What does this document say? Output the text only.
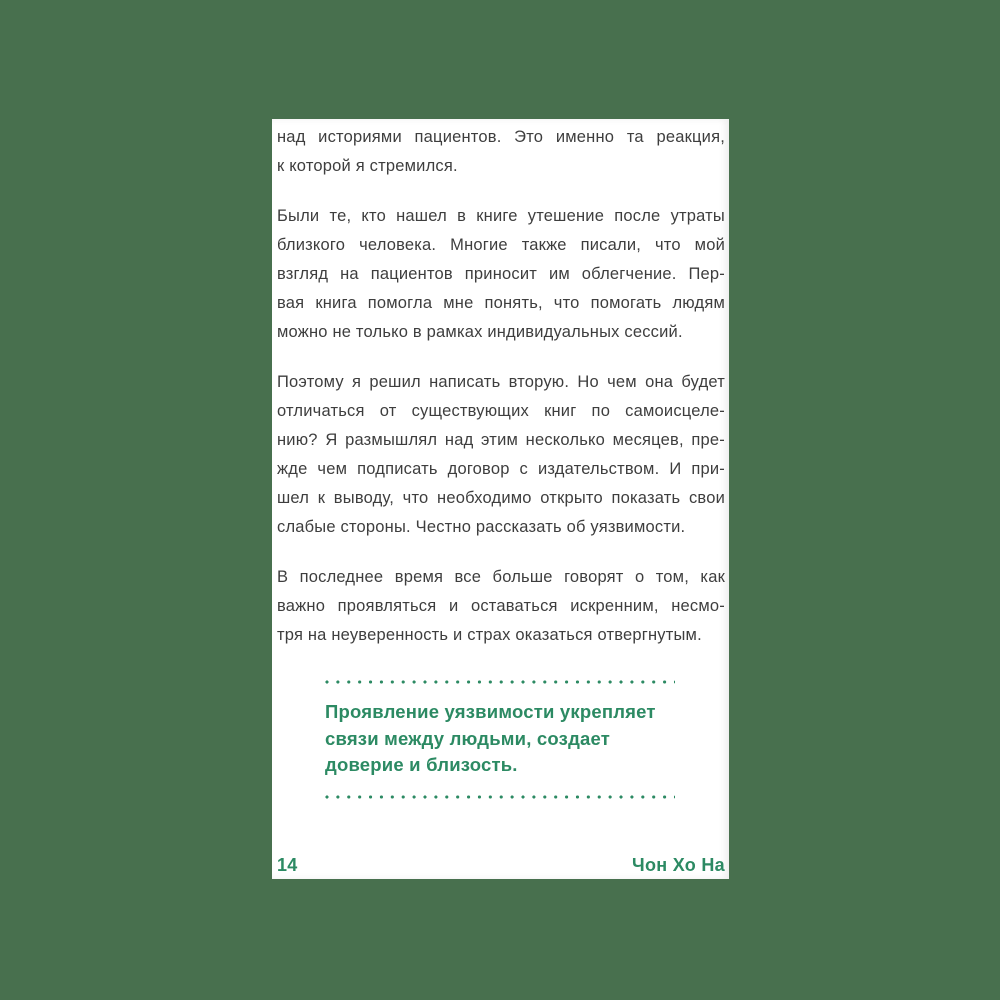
над историями пациентов. Это именно та реакция,
к которой я стремился.
Были те, кто нашел в книге утешение после утраты
близкого человека. Многие также писали, что мой
взгляд на пациентов приносит им облегчение. Пер-
вая книга помогла мне понять, что помогать людям
можно не только в рамках индивидуальных сессий.
Поэтому я решил написать вторую. Но чем она будет
отличаться от существующих книг по самоисцеле-
нию? Я размышлял над этим несколько месяцев, пре-
жде чем подписать договор с издательством. И при-
шел к выводу, что необходимо открыто показать свои
слабые стороны. Честно рассказать об уязвимости.
В последнее время все больше говорят о том, как
важно проявляться и оставаться искренним, несмо-
тря на неуверенность и страх оказаться отвергнутым.
Проявление уязвимости укрепляет
связи между людьми, создает
доверие и близость.
14	Чон Хо На
